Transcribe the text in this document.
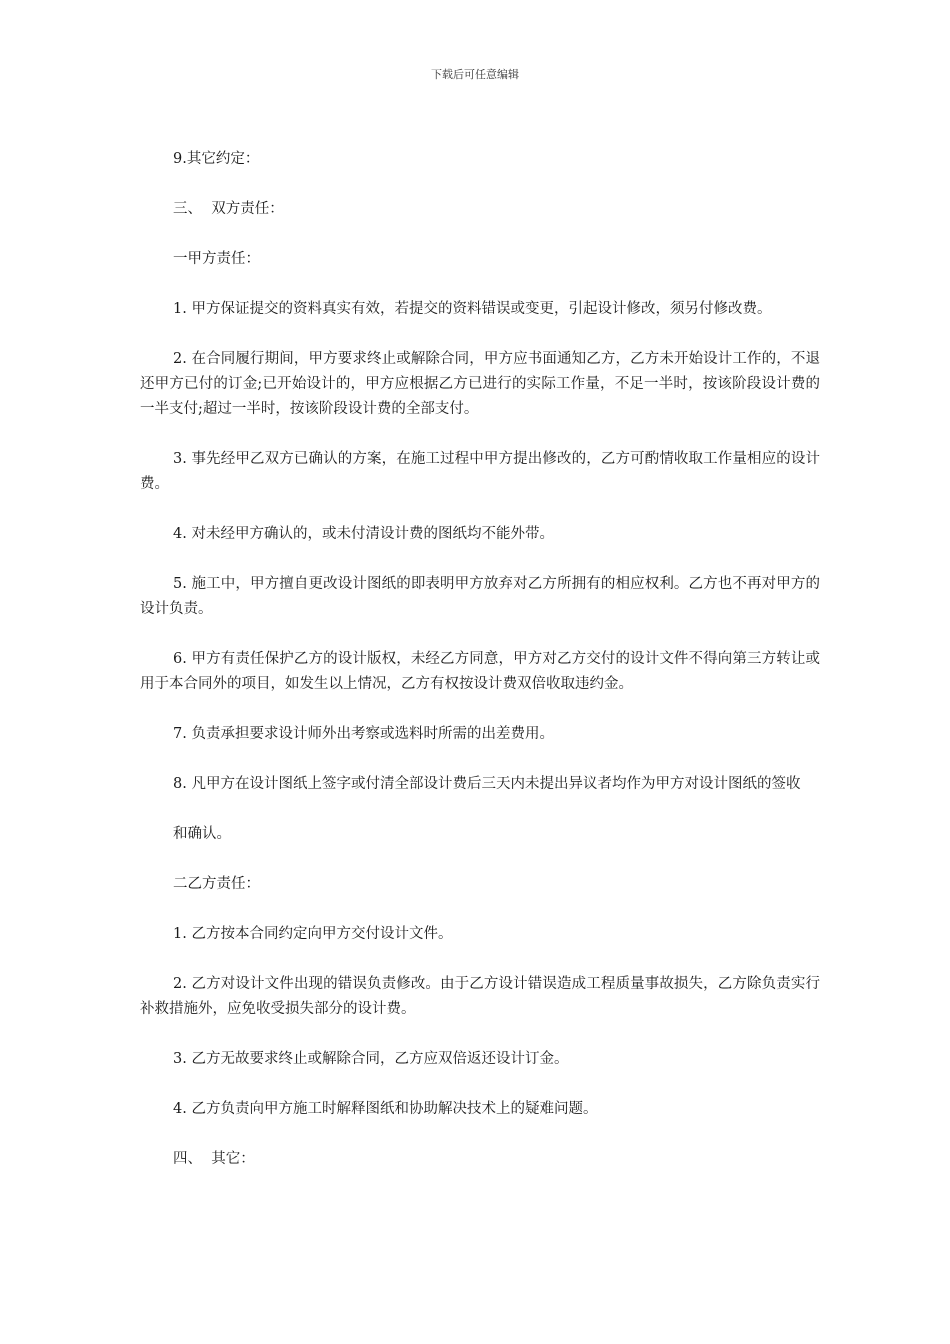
下载后可任意编辑

9.其它约定：

三、  双方责任：

一甲方责任：

1. 甲方保证提交的资料真实有效，若提交的资料错误或变更，引起设计修改，须另付修改费。

2. 在合同履行期间，甲方要求终止或解除合同，甲方应书面通知乙方，乙方未开始设计工作的，不退还甲方已付的订金;已开始设计的，甲方应根据乙方已进行的实际工作量，不足一半时，按该阶段设计费的一半支付;超过一半时，按该阶段设计费的全部支付。

3. 事先经甲乙双方已确认的方案，在施工过程中甲方提出修改的，乙方可酌情收取工作量相应的设计费。

4. 对未经甲方确认的，或未付清设计费的图纸均不能外带。

5. 施工中，甲方擅自更改设计图纸的即表明甲方放弃对乙方所拥有的相应权利。乙方也不再对甲方的设计负责。

6. 甲方有责任保护乙方的设计版权，未经乙方同意，甲方对乙方交付的设计文件不得向第三方转让或用于本合同外的项目，如发生以上情况，乙方有权按设计费双倍收取违约金。

7. 负责承担要求设计师外出考察或选料时所需的出差费用。

8. 凡甲方在设计图纸上签字或付清全部设计费后三天内未提出异议者均作为甲方对设计图纸的签收

和确认。

二乙方责任：

1. 乙方按本合同约定向甲方交付设计文件。

2. 乙方对设计文件出现的错误负责修改。由于乙方设计错误造成工程质量事故损失，乙方除负责实行补救措施外，应免收受损失部分的设计费。

3. 乙方无故要求终止或解除合同，乙方应双倍返还设计订金。

4. 乙方负责向甲方施工时解释图纸和协助解决技术上的疑难问题。

四、  其它：
